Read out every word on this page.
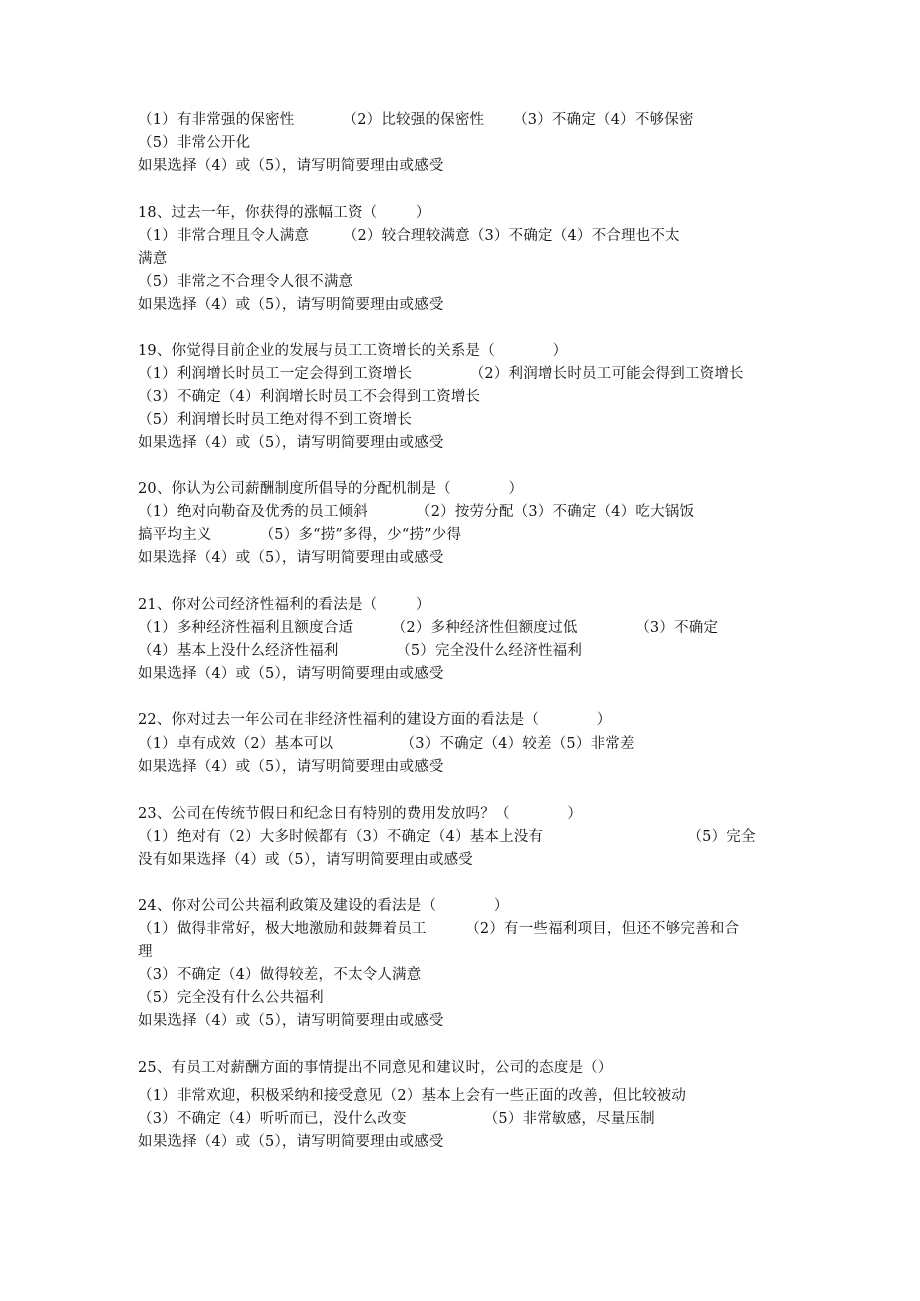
（1）有非常强的保密性          （2）比较强的保密性      （3）不确定（4）不够保密
（5）非常公开化
如果选择（4）或（5），请写明简要理由或感受
18、过去一年，你获得的涨幅工资（        ）
（1）非常合理且令人满意       （2）较合理较满意（3）不确定（4）不合理也不太
满意
（5）非常之不合理令人很不满意
如果选择（4）或（5），请写明简要理由或感受
19、你觉得目前企业的发展与员工工资增长的关系是（            ）
（1）利润增长时员工一定会得到工资增长            （2）利润增长时员工可能会得到工资增长
（3）不确定（4）利润增长时员工不会得到工资增长
（5）利润增长时员工绝对得不到工资增长
如果选择（4）或（5），请写明简要理由或感受
20、你认为公司薪酬制度所倡导的分配机制是（            ）
（1）绝对向勒奋及优秀的员工倾斜          （2）按劳分配（3）不确定（4）吃大锅饭
搞平均主义          （5）多“捞”多得，少“捞”少得
如果选择（4）或（5），请写明简要理由或感受
21、你对公司经济性福利的看法是（        ）
（1）多种经济性福利且额度合适        （2）多种经济性但额度过低            （3）不确定
（4）基本上没什么经济性福利            （5）完全没什么经济性福利
如果选择（4）或（5），请写明简要理由或感受
22、你对过去一年公司在非经济性福利的建设方面的看法是（            ）
（1）卓有成效（2）基本可以              （3）不确定（4）较差（5）非常差
如果选择（4）或（5），请写明简要理由或感受
23、公司在传统节假日和纪念日有特别的费用发放吗？（            ）
（1）绝对有（2）大多时候都有（3）不确定（4）基本上没有                              （5）完全
没有如果选择（4）或（5），请写明简要理由或感受
24、你对公司公共福利政策及建设的看法是（            ）
（1）做得非常好，极大地激励和鼓舞着员工        （2）有一些福利项目，但还不够完善和合
理
（3）不确定（4）做得较差，不太令人满意
（5）完全没有什么公共福利
如果选择（4）或（5），请写明简要理由或感受
25、有员工对薪酬方面的事情提出不同意见和建议时，公司的态度是（）
（1）非常欢迎，积极采纳和接受意见（2）基本上会有一些正面的改善，但比较被动
（3）不确定（4）听听而已，没什么改变                （5）非常敏感，尽量压制
如果选择（4）或（5），请写明简要理由或感受
